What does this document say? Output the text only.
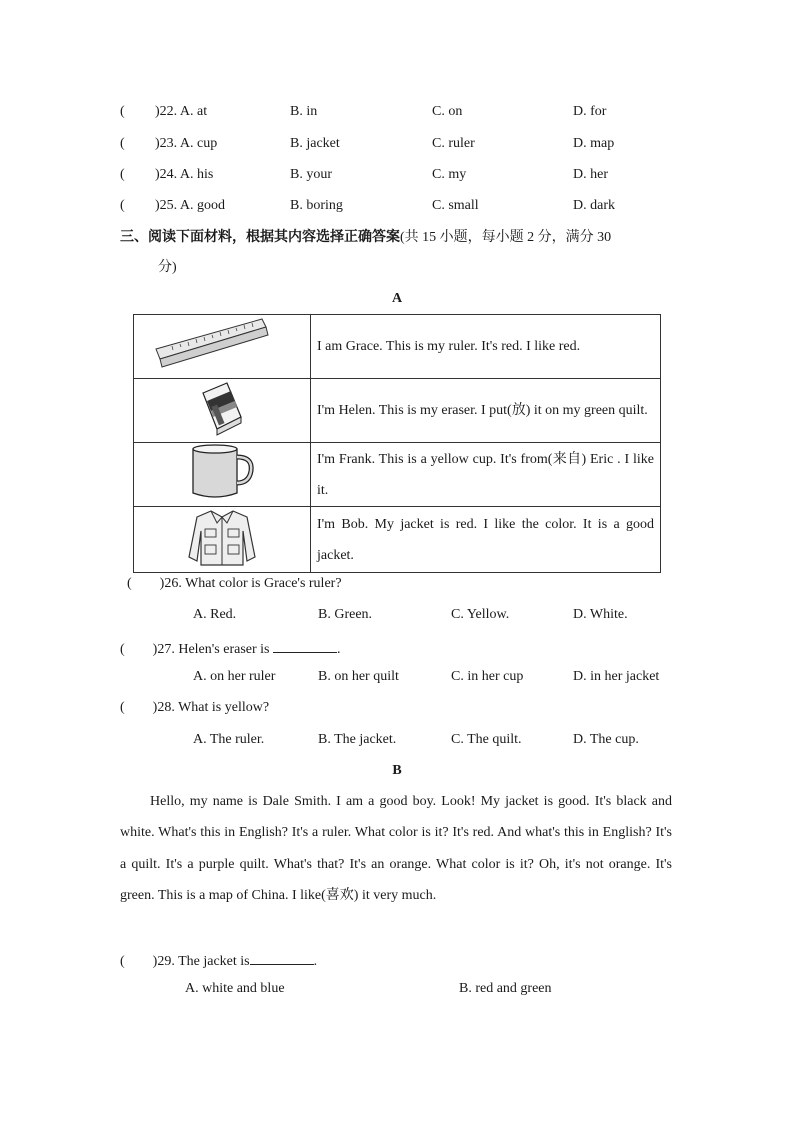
( )22. A. at	B. in	C. on	D. for
( )23. A. cup	B. jacket	C. ruler	D. map
( )24. A. his	B. your	C. my	D. her
( )25. A. good	B. boring	C. small	D. dark
三、阅读下面材料，根据其内容选择正确答案(共 15 小题，每小题 2 分，满分 30
分)
A
	I am Grace. This is my ruler. It's red. I like red.
	I'm Helen. This is my eraser. I put(放) it on my green quilt.
	I'm Frank. This is a yellow cup. It's from(来自) Eric . I like it.
	I'm Bob. My jacket is red. I like the color. It is a good jacket.
( )26. What color is Grace's ruler?
A. Red.	B. Green.	C. Yellow.	D. White.
( )27. Helen's eraser is	.
A. on her ruler	B. on her quilt	C. in her cup	D. in her jacket
( )28. What is yellow?
A. The ruler.	B. The jacket.	C. The quilt.	D. The cup.
B
Hello, my name is Dale Smith. I am a good boy. Look! My jacket is good. It's black and white. What's this in English? It's a ruler. What color is it? It's red. And what's this in English? It's a quilt. It's a purple quilt. What's that? It's an orange. What color is it? Oh, it's not orange. It's green. This is a map of China. I like(喜欢) it very much.
( )29. The jacket is	.
A. white and blue	B. red and green
